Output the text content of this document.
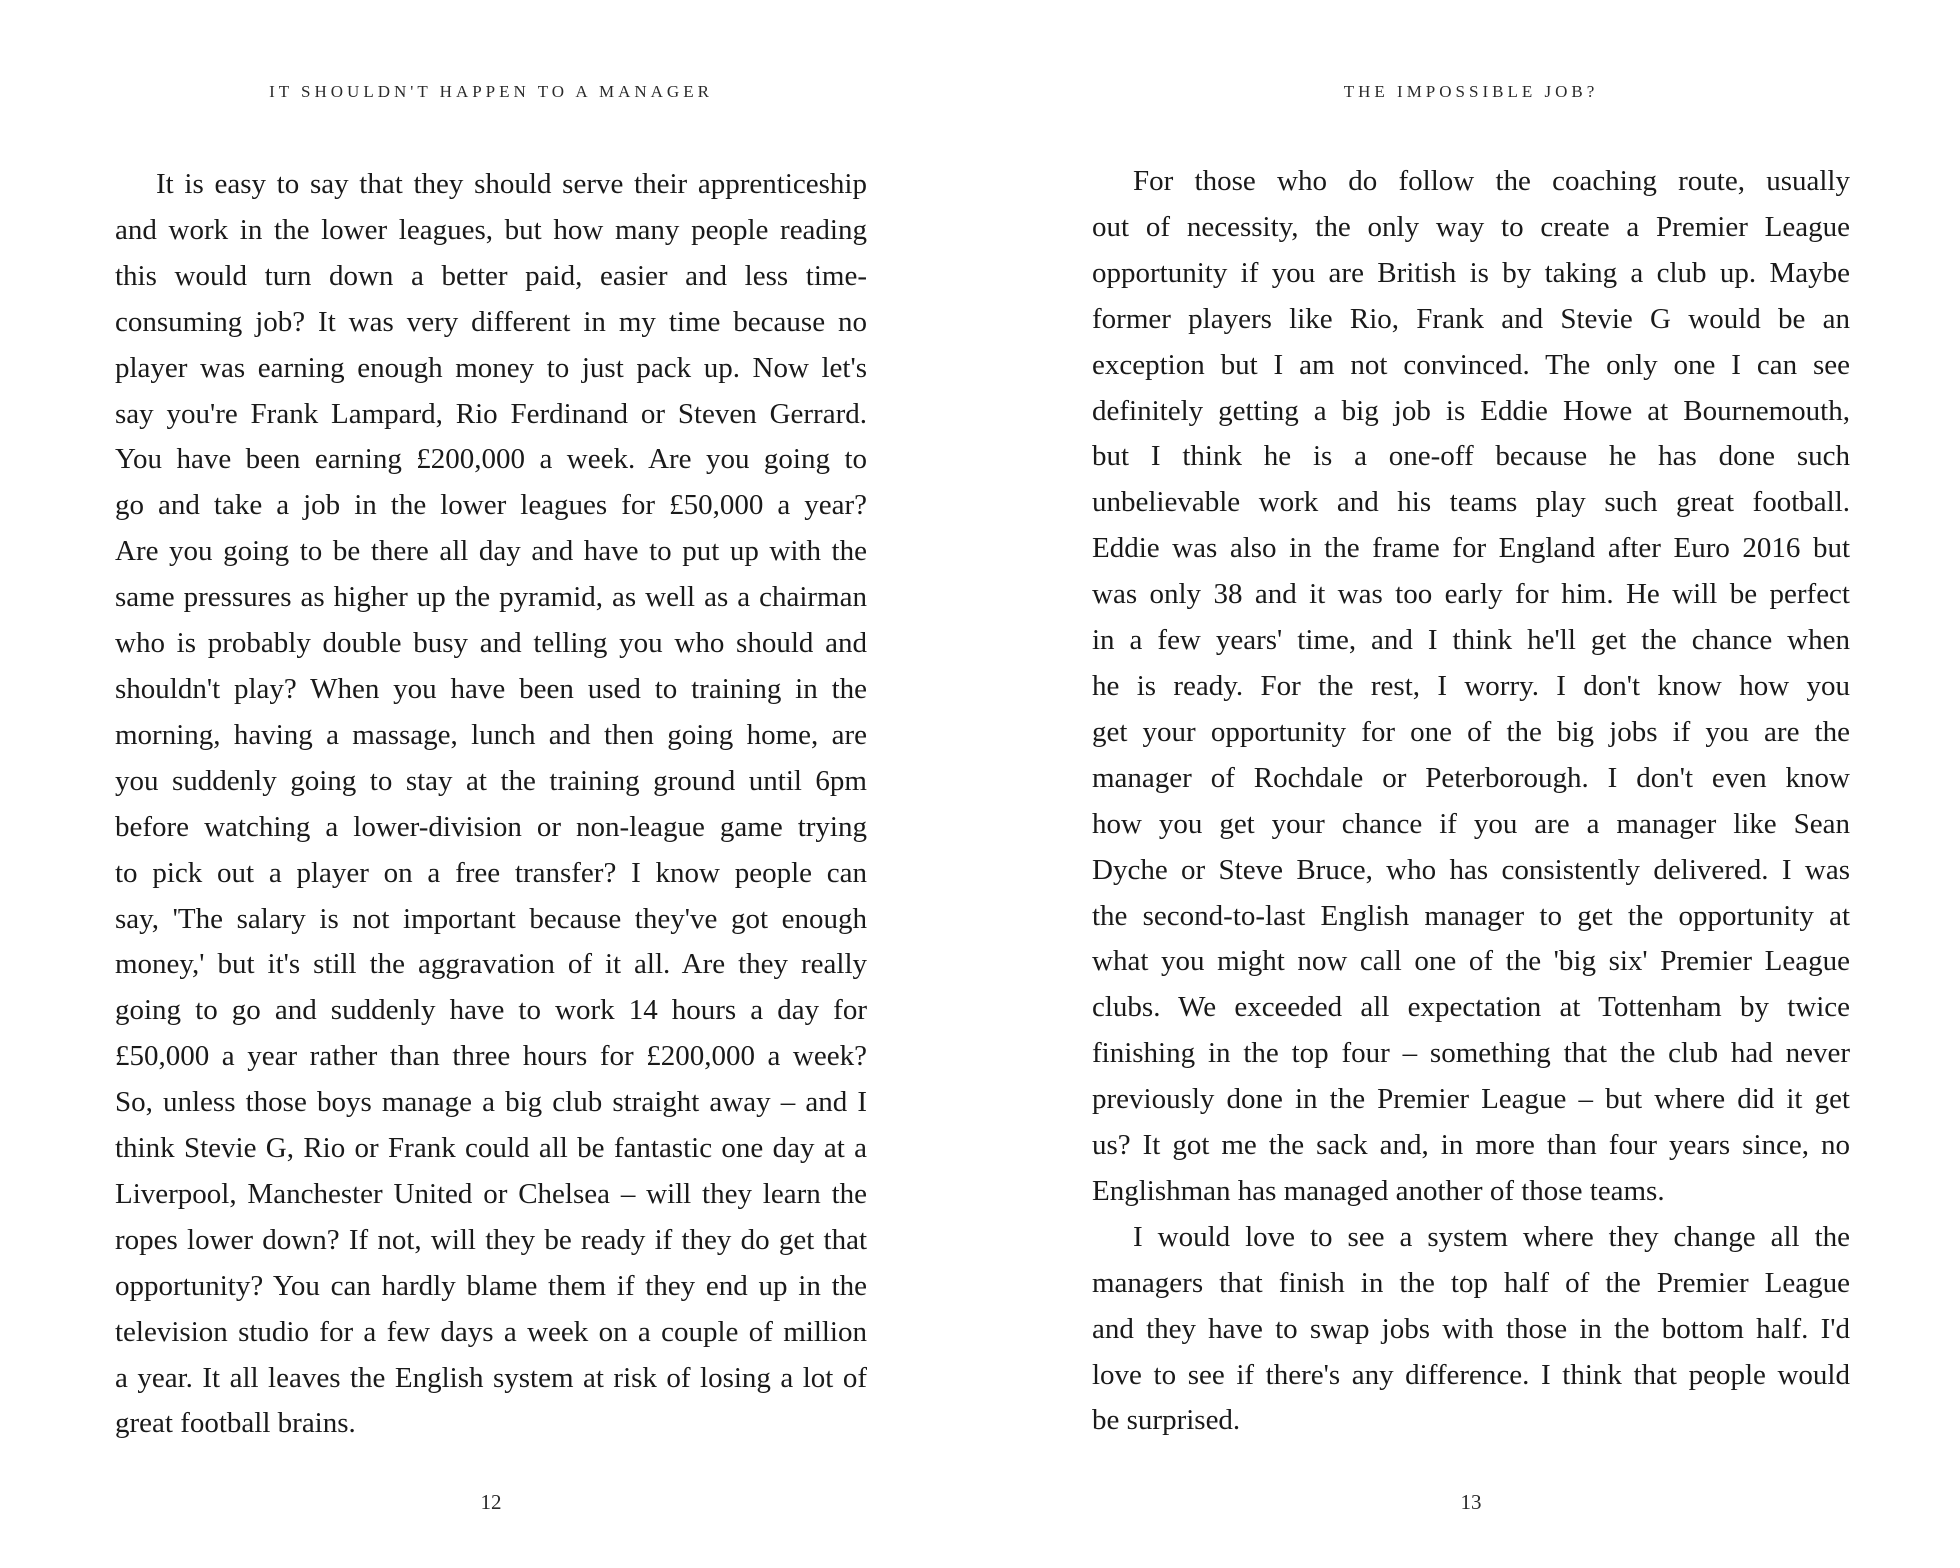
IT SHOULDN'T HAPPEN TO A MANAGER
It is easy to say that they should serve their apprenticeship
and work in the lower leagues, but how many people reading
this would turn down a better paid, easier and less time-
consuming job? It was very different in my time because no
player was earning enough money to just pack up. Now let's
say you're Frank Lampard, Rio Ferdinand or Steven Gerrard.
You have been earning £200,000 a week. Are you going to
go and take a job in the lower leagues for £50,000 a year?
Are you going to be there all day and have to put up with the
same pressures as higher up the pyramid, as well as a chairman
who is probably double busy and telling you who should and
shouldn't play? When you have been used to training in the
morning, having a massage, lunch and then going home, are
you suddenly going to stay at the training ground until 6pm
before watching a lower-division or non-league game trying
to pick out a player on a free transfer? I know people can
say, 'The salary is not important because they've got enough
money,' but it's still the aggravation of it all. Are they really
going to go and suddenly have to work 14 hours a day for
£50,000 a year rather than three hours for £200,000 a week?
So, unless those boys manage a big club straight away – and I
think Stevie G, Rio or Frank could all be fantastic one day at a
Liverpool, Manchester United or Chelsea – will they learn the
ropes lower down? If not, will they be ready if they do get that
opportunity? You can hardly blame them if they end up in the
television studio for a few days a week on a couple of million
a year. It all leaves the English system at risk of losing a lot of
great football brains.
12
THE IMPOSSIBLE JOB?
For those who do follow the coaching route, usually
out of necessity, the only way to create a Premier League
opportunity if you are British is by taking a club up. Maybe
former players like Rio, Frank and Stevie G would be an
exception but I am not convinced. The only one I can see
definitely getting a big job is Eddie Howe at Bournemouth,
but I think he is a one-off because he has done such
unbelievable work and his teams play such great football.
Eddie was also in the frame for England after Euro 2016 but
was only 38 and it was too early for him. He will be perfect
in a few years' time, and I think he'll get the chance when
he is ready. For the rest, I worry. I don't know how you
get your opportunity for one of the big jobs if you are the
manager of Rochdale or Peterborough. I don't even know
how you get your chance if you are a manager like Sean
Dyche or Steve Bruce, who has consistently delivered. I was
the second-to-last English manager to get the opportunity at
what you might now call one of the 'big six' Premier League
clubs. We exceeded all expectation at Tottenham by twice
finishing in the top four – something that the club had never
previously done in the Premier League – but where did it get
us? It got me the sack and, in more than four years since, no
Englishman has managed another of those teams.
I would love to see a system where they change all the
managers that finish in the top half of the Premier League
and they have to swap jobs with those in the bottom half. I'd
love to see if there's any difference. I think that people would
be surprised.
13
